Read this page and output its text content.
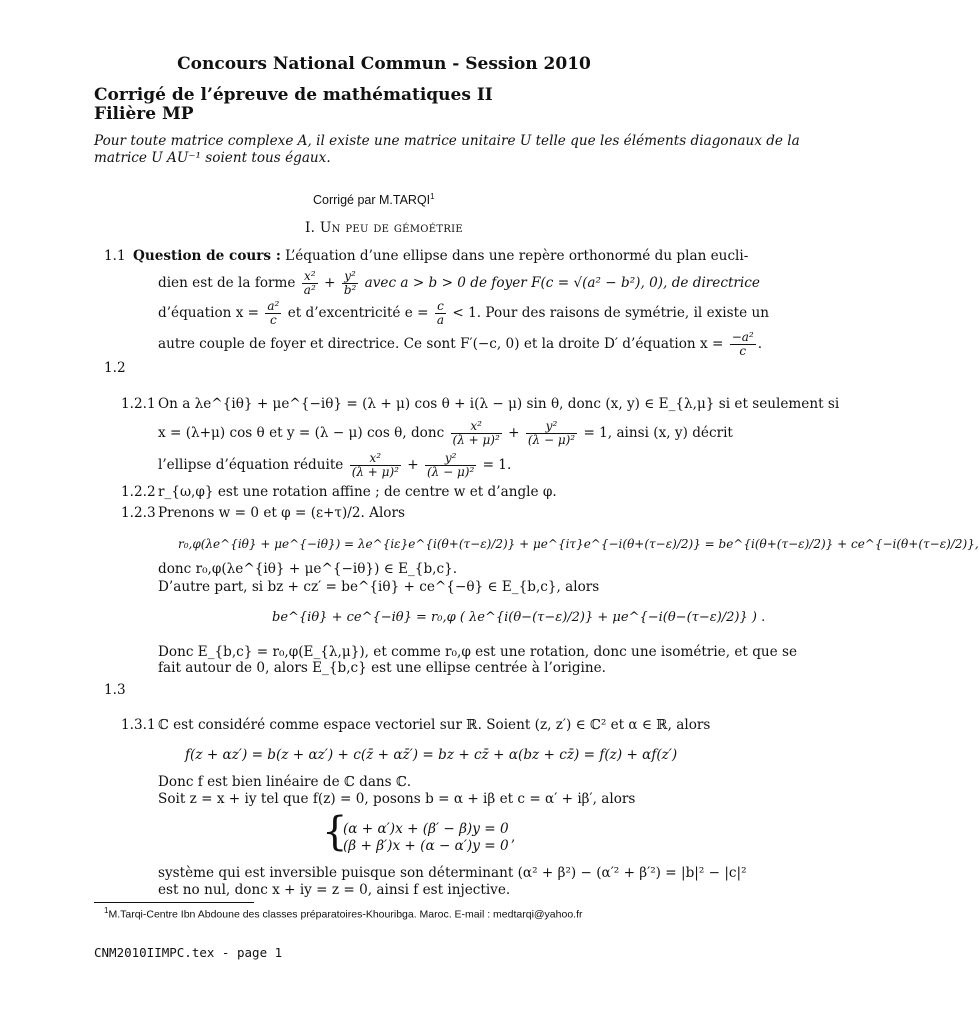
Concours National Commun - Session 2010
Corrigé de l’épreuve de mathématiques II
Filière MP
Pour toute matrice complexe A, il existe une matrice unitaire U telle que les éléments diagonaux de la
matrice U AU⁻¹ soient tous égaux.
Corrigé par M.TARQI$^1$
I. Un peu de gémoétrie
1.1 Question de cours : L’équation d’une ellipse dans une repère orthonormé du plan eucli-
dien est de la forme $\frac{\text{x²}}{\text{a²}} + \frac{\text{y²}}{\text{b²}}$ avec a > b > 0 de foyer F(c = √(a² − b²), 0), de directrice
d’équation $x = \frac{\text{a²}}{c}$ et d’excentricité $e = \frac{c}{a} < 1$. Pour des raisons de symétrie, il existe un
autre couple de foyer et directrice. Ce sont F′(−c, 0) et la droite D′ d’équation $x = \frac{\text{−a²}}{c}$ .
1.2
1.2.1 On a λe^{iθ} + μe^{−iθ} = (λ + μ) cos θ + i(λ − μ) sin θ, donc (x, y) ∈ E_{λ,μ} si et seulement si
x = (λ+μ) cos θ et y = (λ − μ) cos θ, donc $\frac{\text{x²}}{\text{(λ + μ)²}} + \frac{\text{y²}}{\text{(λ − μ)²}} = 1$, ainsi (x, y) décrit
l’ellipse d’équation réduite $\frac{\text{x²}}{\text{(λ + μ)²}} + \frac{\text{y²}}{\text{(λ − μ)²}} = 1$.
1.2.2 r_{ω,φ} est une rotation affine ; de centre w et d’angle φ.
1.2.3 Prenons w = 0 et φ = (ε+τ)/2. Alors
r₀,φ(λe^{iθ} + μe^{−iθ}) = λe^{iε}e^{i(θ+(τ−ε)/2)} + μe^{iτ}e^{−i(θ+(τ−ε)/2)} = be^{i(θ+(τ−ε)/2)} + ce^{−i(θ+(τ−ε)/2)},
donc r₀,φ(λe^{iθ} + μe^{−iθ}) ∈ E_{b,c}.
D’autre part, si bz + cz′ = be^{iθ} + ce^{−θ} ∈ E_{b,c}, alors
be^{iθ} + ce^{−iθ} = r₀,φ ( λe^{i(θ−(τ−ε)/2)} + μe^{−i(θ−(τ−ε)/2)} ) .
Donc E_{b,c} = r₀,φ(E_{λ,μ}), et comme r₀,φ est une rotation, donc une isométrie, et que se
fait autour de 0, alors E_{b,c} est une ellipse centrée à l’origine.
1.3
1.3.1 ℂ est considéré comme espace vectoriel sur ℝ. Soient (z, z′) ∈ ℂ² et α ∈ ℝ, alors
f(z + αz′) = b(z + αz′) + c(z̄ + αz̄′) = bz + cz̄ + α(bz + cz̄) = f(z) + αf(z′)
Donc f est bien linéaire de ℂ dans ℂ.
Soit z = x + iy tel que f(z) = 0, posons b = α + iβ et c = α′ + iβ′, alors
{
(α + α′)x + (β′ − β)y = 0
(β + β′)x + (α − α′)y = 0
,
système qui est inversible puisque son déterminant (α² + β²) − (α′² + β′²) = |b|² − |c|²
est no nul, donc x + iy = z = 0, ainsi f est injective.
$^1$M.Tarqi-Centre Ibn Abdoune des classes préparatoires-Khouribga. Maroc. E-mail : medtarqi@yahoo.fr
CNM2010IIMPC.tex - page 1
